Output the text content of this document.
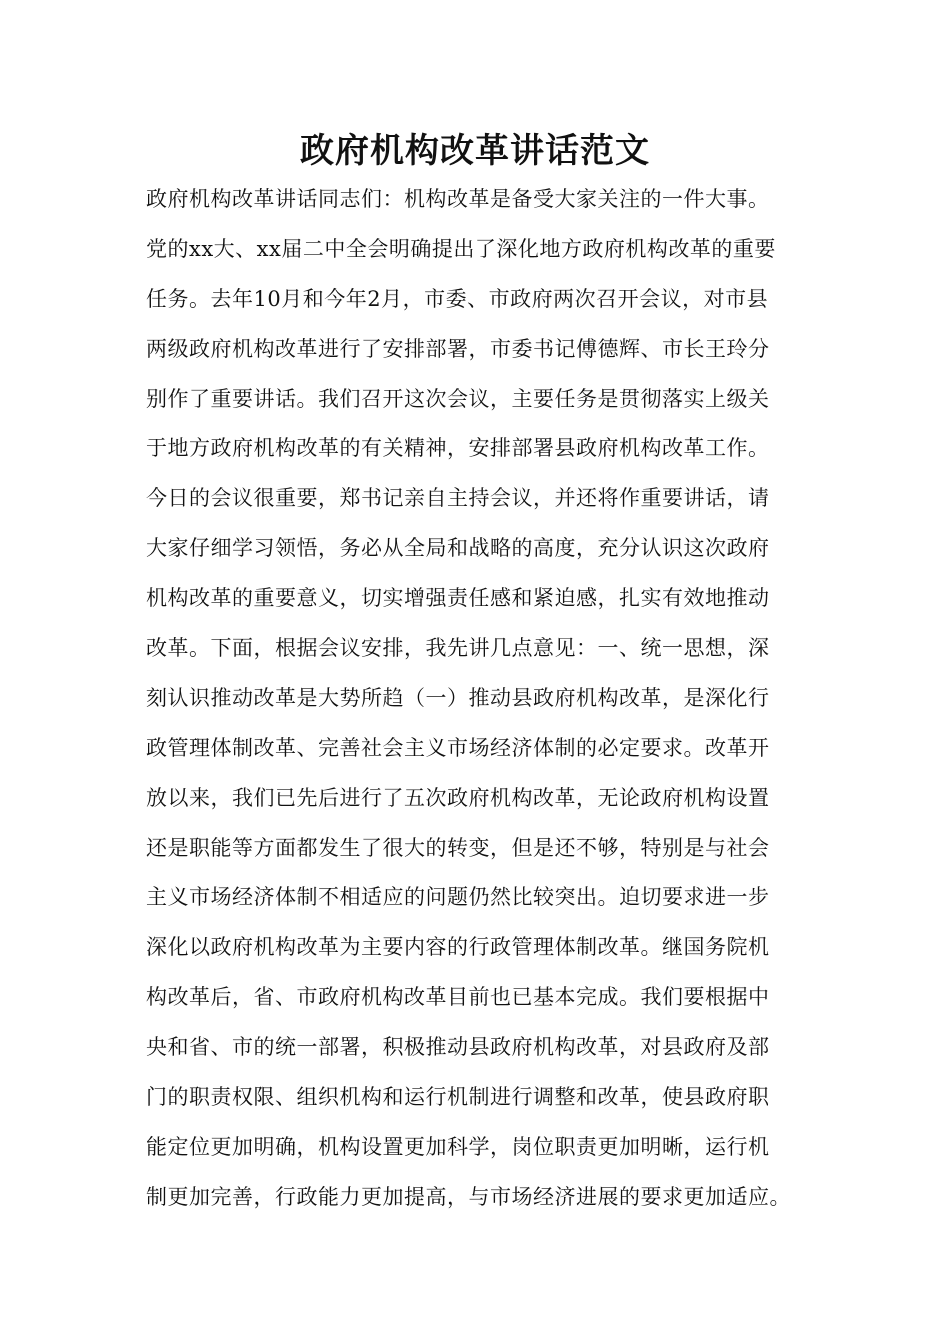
政府机构改革讲话范文
政府机构改革讲话同志们：机构改革是备受大家关注的一件大事。
党的xx大、xx届二中全会明确提出了深化地方政府机构改革的重要
任务。去年10月和今年2月，市委、市政府两次召开会议，对市县
两级政府机构改革进行了安排部署，市委书记傅德辉、市长王玲分
别作了重要讲话。我们召开这次会议，主要任务是贯彻落实上级关
于地方政府机构改革的有关精神，安排部署县政府机构改革工作。
今日的会议很重要，郑书记亲自主持会议，并还将作重要讲话，请
大家仔细学习领悟，务必从全局和战略的高度，充分认识这次政府
机构改革的重要意义，切实增强责任感和紧迫感，扎实有效地推动
改革。下面，根据会议安排，我先讲几点意见：一、统一思想，深
刻认识推动改革是大势所趋（一）推动县政府机构改革，是深化行
政管理体制改革、完善社会主义市场经济体制的必定要求。改革开
放以来，我们已先后进行了五次政府机构改革，无论政府机构设置
还是职能等方面都发生了很大的转变，但是还不够，特别是与社会
主义市场经济体制不相适应的问题仍然比较突出。迫切要求进一步
深化以政府机构改革为主要内容的行政管理体制改革。继国务院机
构改革后，省、市政府机构改革目前也已基本完成。我们要根据中
央和省、市的统一部署，积极推动县政府机构改革，对县政府及部
门的职责权限、组织机构和运行机制进行调整和改革，使县政府职
能定位更加明确，机构设置更加科学，岗位职责更加明晰，运行机
制更加完善，行政能力更加提高，与市场经济进展的要求更加适应。
